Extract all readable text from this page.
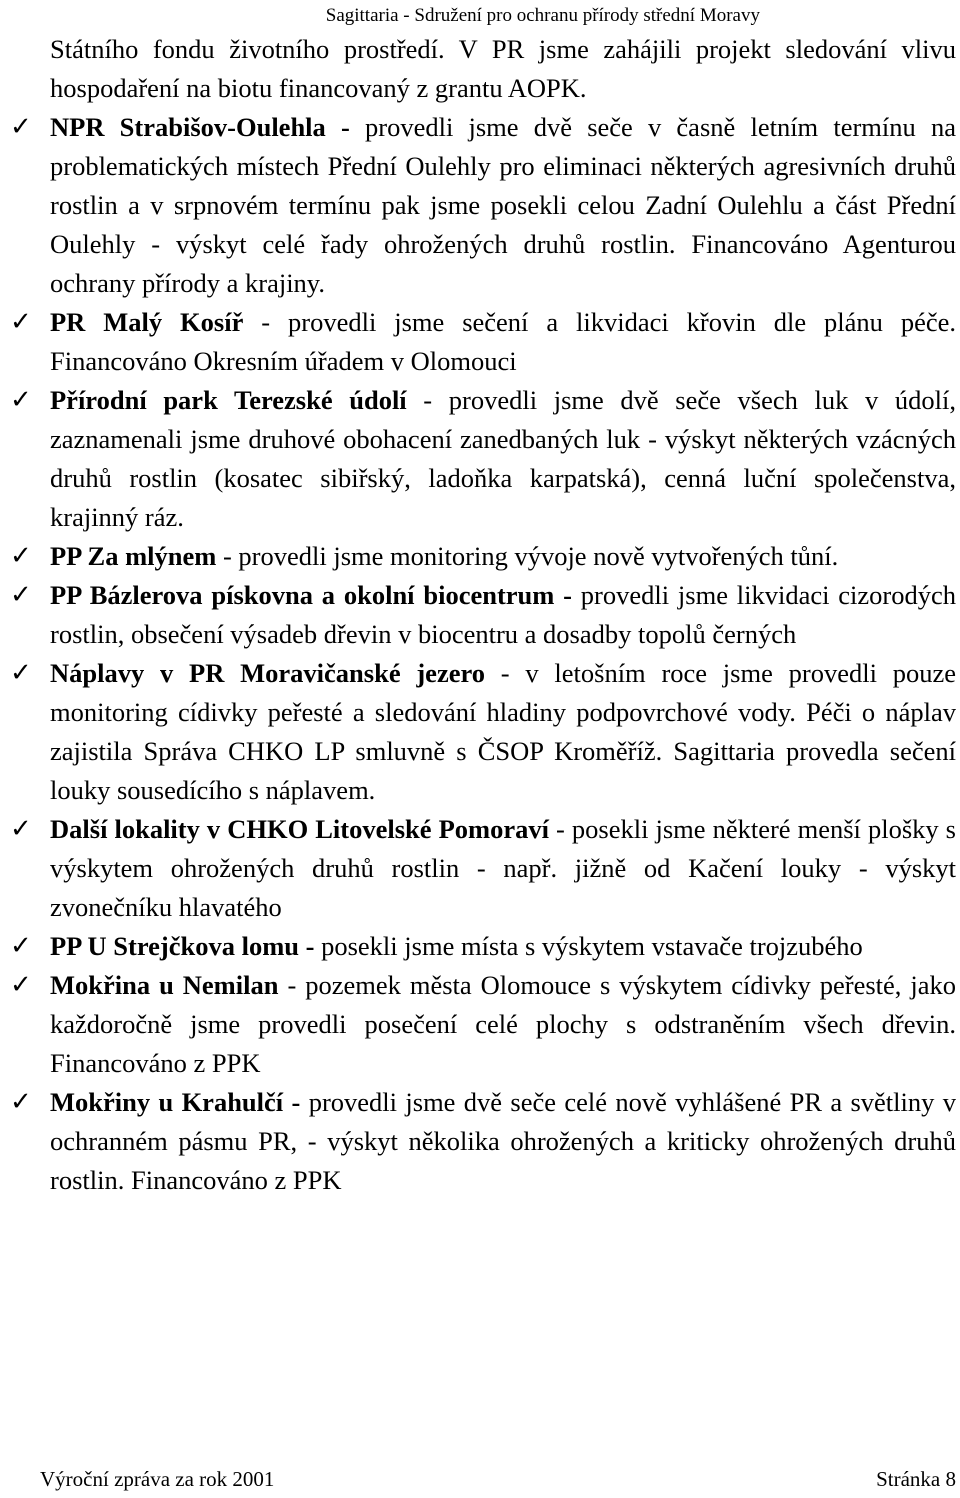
Sagittaria - Sdružení pro ochranu přírody střední Moravy

Státního fondu životního prostředí. V PR jsme zahájili projekt sledování vlivu hospodaření na biotu financovaný z grantu AOPK.

✓ NPR Strabišov-Oulehla - provedli jsme dvě seče v časně letním termínu na problematických místech Přední Oulehly pro eliminaci některých agresivních druhů rostlin a v srpnovém termínu pak jsme posekli celou Zadní Oulehlu a část Přední Oulehly - výskyt celé řady ohrožených druhů rostlin. Financováno Agenturou ochrany přírody a krajiny.
✓ PR Malý Kosíř - provedli jsme sečení a likvidaci křovin dle plánu péče. Financováno Okresním úřadem v Olomouci
✓ Přírodní park Terezské údolí - provedli jsme dvě seče všech luk v údolí, zaznamenali jsme druhové obohacení zanedbaných luk - výskyt některých vzácných druhů rostlin (kosatec sibiřský, ladoňka karpatská), cenná luční společenstva, krajinný ráz.
✓ PP Za mlýnem - provedli jsme monitoring vývoje nově vytvořených tůní.
✓ PP Bázlerova pískovna a okolní biocentrum - provedli jsme likvidaci cizorodých rostlin, obsečení výsadeb dřevin v biocentru a dosadby topolů černých
✓ Náplavy v PR Moravičanské jezero - v letošním roce jsme provedli pouze monitoring cídivky peřesté a sledování hladiny podpovrchové vody. Péči o náplav zajistila Správa CHKO LP smluvně s ČSOP Kroměříž. Sagittaria provedla sečení louky sousedícího s náplavem.
✓ Další lokality v CHKO Litovelské Pomoraví - posekli jsme některé menší plošky s výskytem ohrožených druhů rostlin - např. jižně od Kačení louky - výskyt zvonečníku hlavatého
✓ PP U Strejčkova lomu - posekli jsme místa s výskytem vstavače trojzubého
✓ Mokřina u Nemilan - pozemek města Olomouce s výskytem cídivky peřesté, jako každoročně jsme provedli posečení celé plochy s odstraněním všech dřevin. Financováno z PPK
✓ Mokřiny u Krahulčí - provedli jsme dvě seče celé nově vyhlášené PR a světliny v ochranném pásmu PR, - výskyt několika ohrožených a kriticky ohrožených druhů rostlin. Financováno z PPK
Výroční zpráva za rok 2001	Stránka 8
